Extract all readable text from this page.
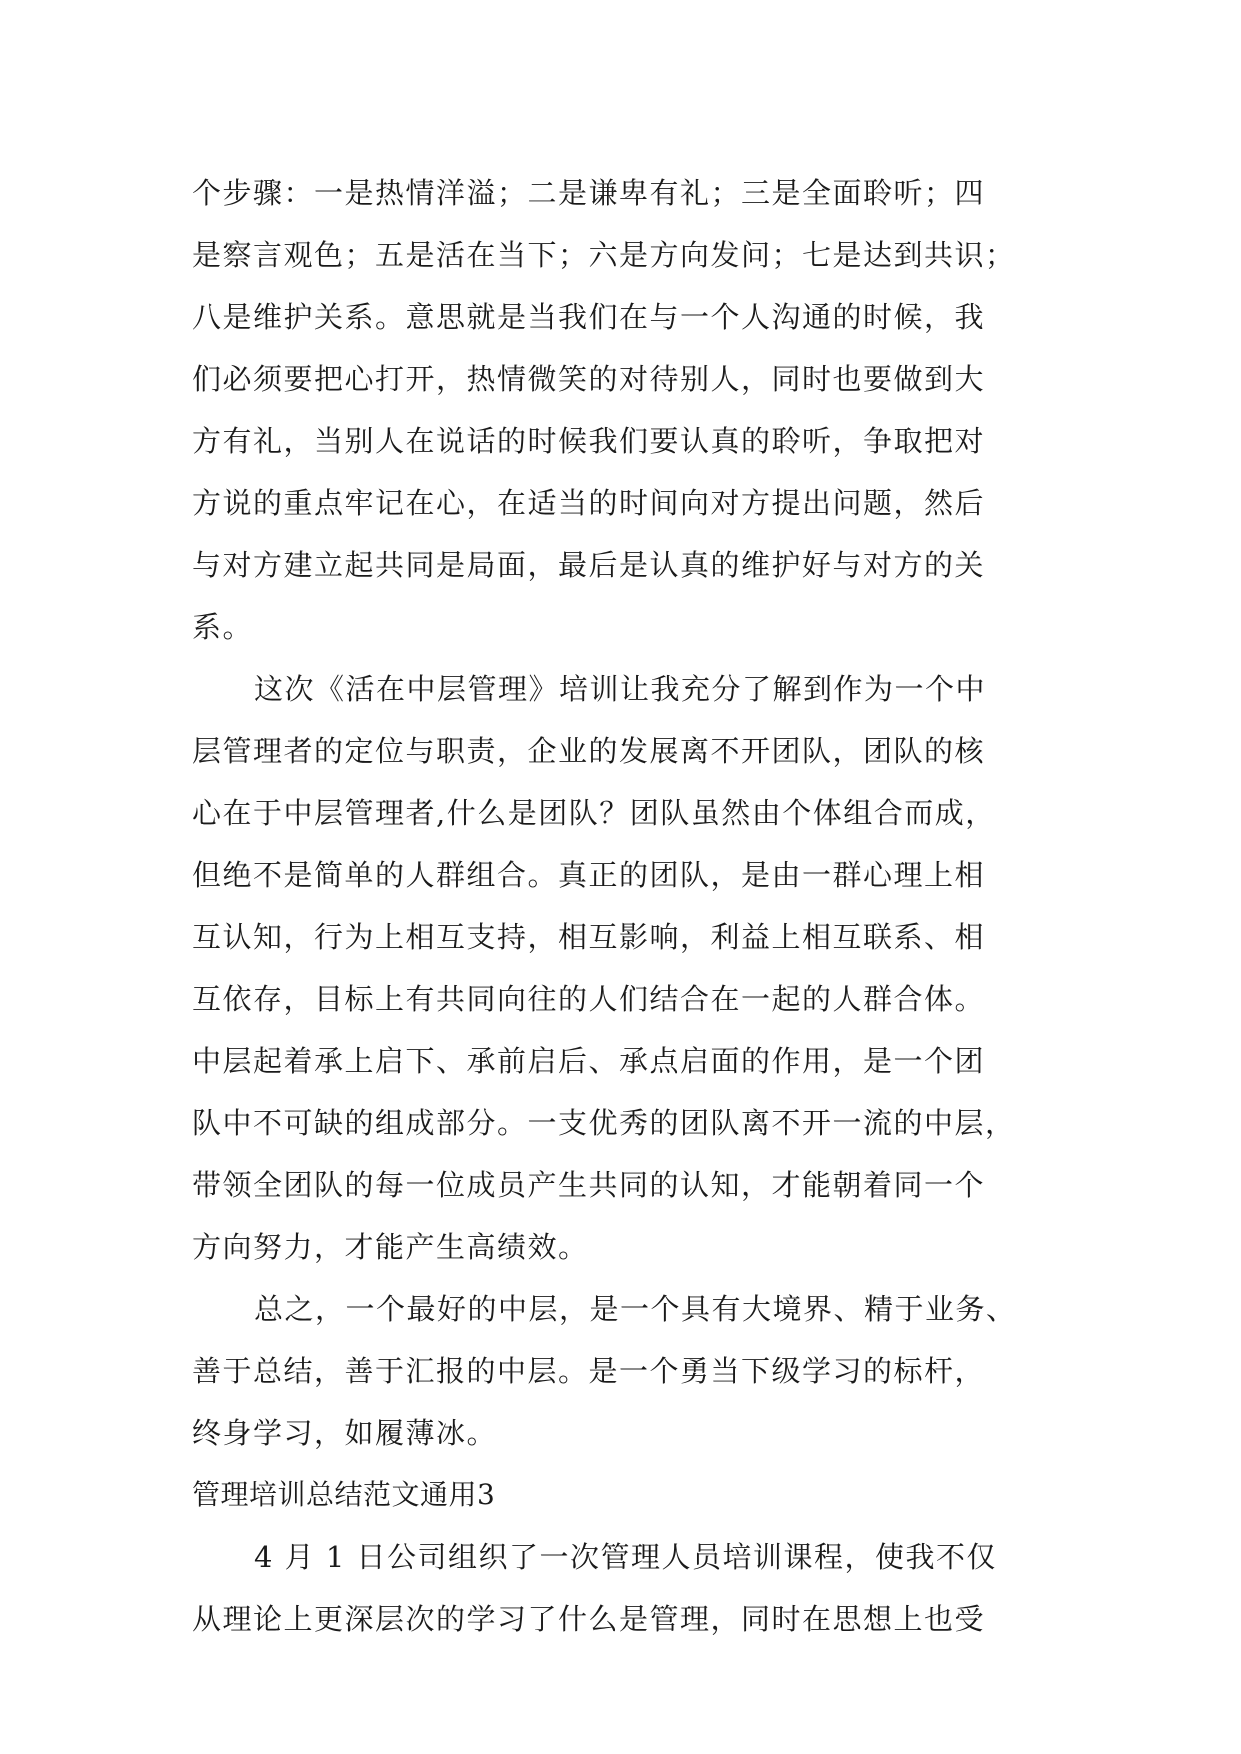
个步骤：一是热情洋溢；二是谦卑有礼；三是全面聆听；四
是察言观色；五是活在当下；六是方向发问；七是达到共识；
八是维护关系。意思就是当我们在与一个人沟通的时候，我
们必须要把心打开，热情微笑的对待别人，同时也要做到大
方有礼，当别人在说话的时候我们要认真的聆听，争取把对
方说的重点牢记在心，在适当的时间向对方提出问题，然后
与对方建立起共同是局面，最后是认真的维护好与对方的关
系。
这次《活在中层管理》培训让我充分了解到作为一个中
层管理者的定位与职责，企业的发展离不开团队，团队的核
心在于中层管理者,什么是团队？团队虽然由个体组合而成，
但绝不是简单的人群组合。真正的团队，是由一群心理上相
互认知，行为上相互支持，相互影响，利益上相互联系、相
互依存，目标上有共同向往的人们结合在一起的人群合体。
中层起着承上启下、承前启后、承点启面的作用，是一个团
队中不可缺的组成部分。一支优秀的团队离不开一流的中层，
带领全团队的每一位成员产生共同的认知，才能朝着同一个
方向努力，才能产生高绩效。
总之，一个最好的中层，是一个具有大境界、精于业务、
善于总结，善于汇报的中层。是一个勇当下级学习的标杆，
终身学习，如履薄冰。
管理培训总结范文通用3
4 月 1 日公司组织了一次管理人员培训课程，使我不仅
从理论上更深层次的学习了什么是管理，同时在思想上也受
